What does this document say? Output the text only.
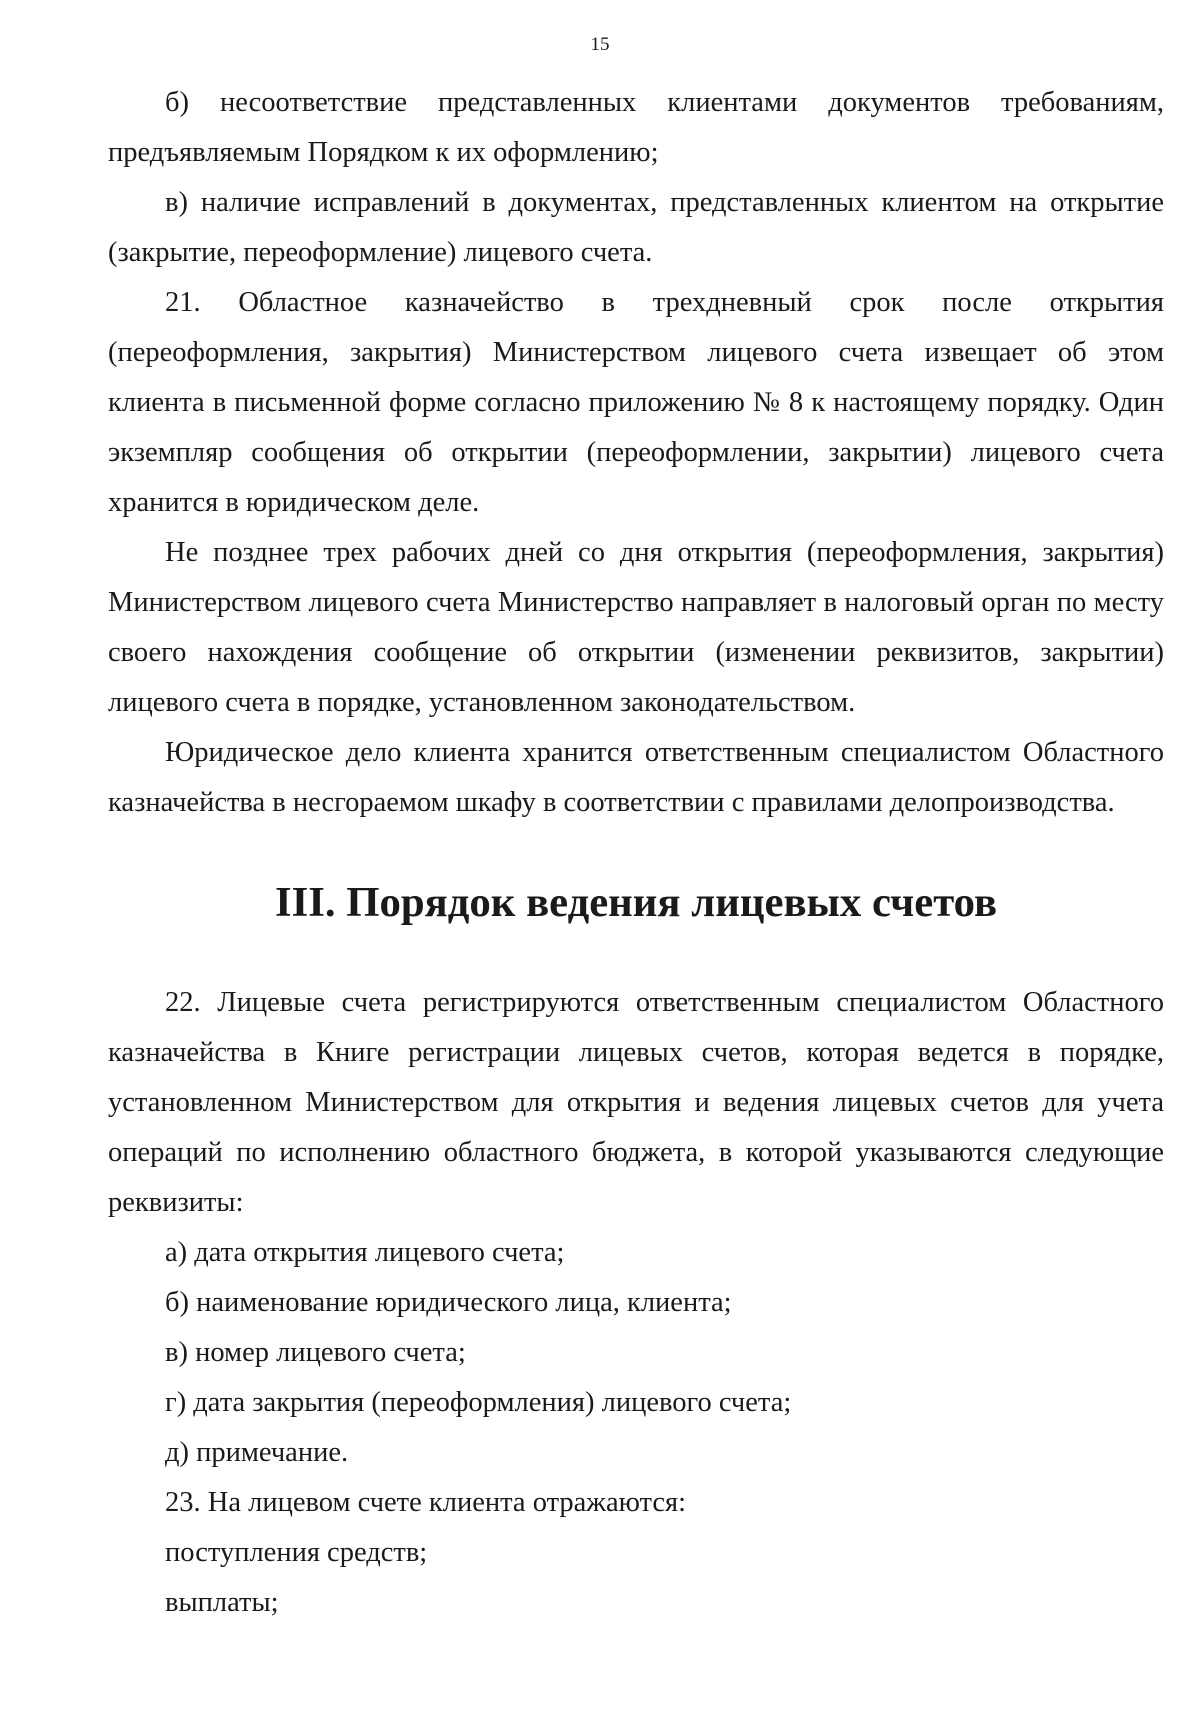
15

б) несоответствие представленных клиентами документов требованиям, предъявляемым Порядком к их оформлению;

в) наличие исправлений в документах, представленных клиентом на открытие (закрытие, переоформление) лицевого счета.

21. Областное казначейство в трехдневный срок после открытия (переоформления, закрытия) Министерством лицевого счета извещает об этом клиента в письменной форме согласно приложению № 8 к настоящему порядку. Один экземпляр сообщения об открытии (переоформлении, закрытии) лицевого счета хранится в юридическом деле.

Не позднее трех рабочих дней со дня открытия (переоформления, закрытия) Министерством лицевого счета Министерство направляет в налоговый орган по месту своего нахождения сообщение об открытии (изменении реквизитов, закрытии) лицевого счета в порядке, установленном законодательством.

Юридическое дело клиента хранится ответственным специалистом Областного казначейства в несгораемом шкафу в соответствии с правилами делопроизводства.

III. Порядок ведения лицевых счетов

22. Лицевые счета регистрируются ответственным специалистом Областного казначейства в Книге регистрации лицевых счетов, которая ведется в порядке, установленном Министерством для открытия и ведения лицевых счетов для учета операций по исполнению областного бюджета, в которой указываются следующие реквизиты:

а) дата открытия лицевого счета;

б) наименование юридического лица, клиента;

в) номер лицевого счета;

г) дата закрытия (переоформления) лицевого счета;

д) примечание.

23. На лицевом счете клиента отражаются:

поступления средств;

выплаты;
